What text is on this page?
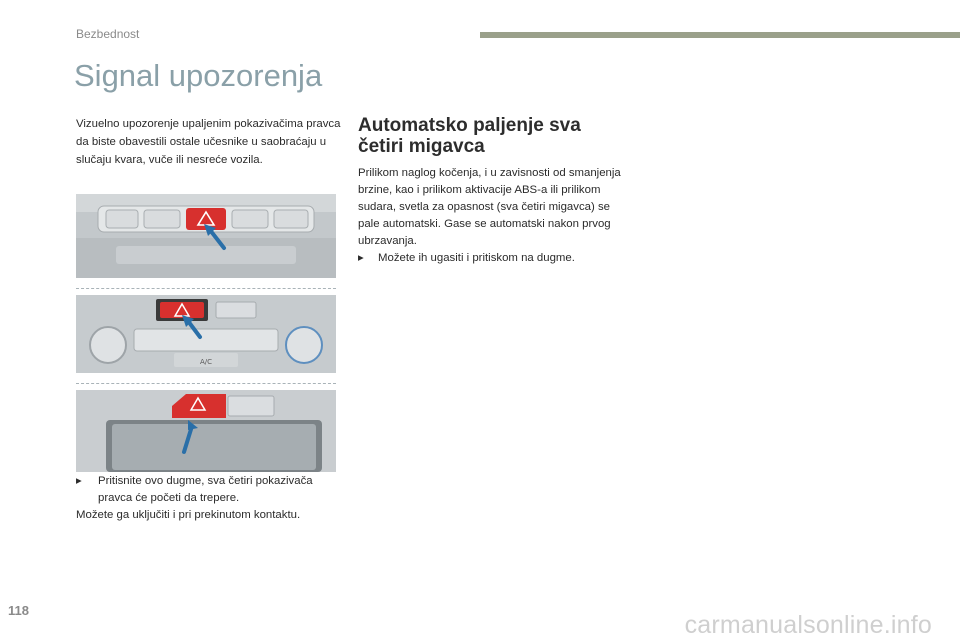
Bezbednost
Signal upozorenja

Vizuelno upozorenje upaljenim pokazivačima pravca da biste obavestili ostale učesnike u saobraćaju u slučaju kvara, vuče ili nesreće vozila.

Automatsko paljenje sva četiri migavca

Prilikom naglog kočenja, i u zavisnosti od smanjenja brzine, kao i prilikom aktivacije ABS-a ili prilikom sudara, svetla za opasnost (sva četiri migavca) se pale automatski. Gase se automatski nakon prvog ubrzavanja.

▸	Možete ih ugasiti i pritiskom na dugme.
A/C
▸	Pritisnite ovo dugme, sva četiri pokazivača pravca će početi da trepere.
Možete ga uključiti i pri prekinutom kontaktu.
118
carmanualsonline.info
